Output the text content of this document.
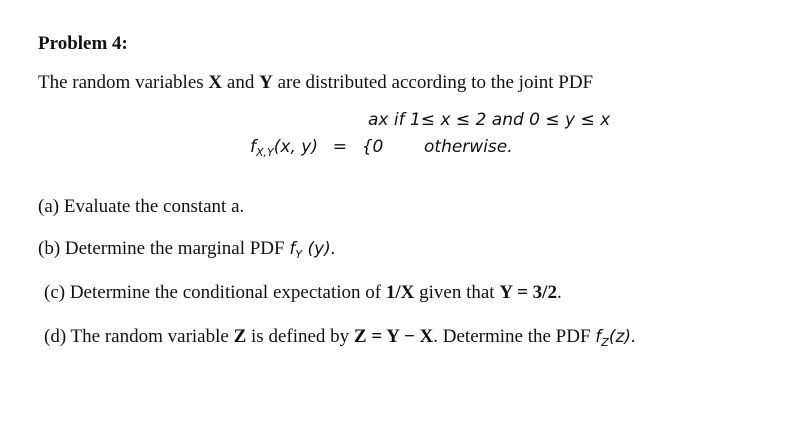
Problem 4:
The random variables X and Y are distributed according to the joint PDF
ax if 1≤ x ≤ 2 and 0 ≤ y ≤ x
$f_{X,Y}(x$, y) = {0 otherwise.
(a) Evaluate the constant a.
(b) Determine the marginal PDF $f_Y$ (y).
(c) Determine the conditional expectation of 1/X given that Y = 3/2.
(d) The random variable Z is defined by Z = Y − X. Determine the PDF $f_Z(z)$.
